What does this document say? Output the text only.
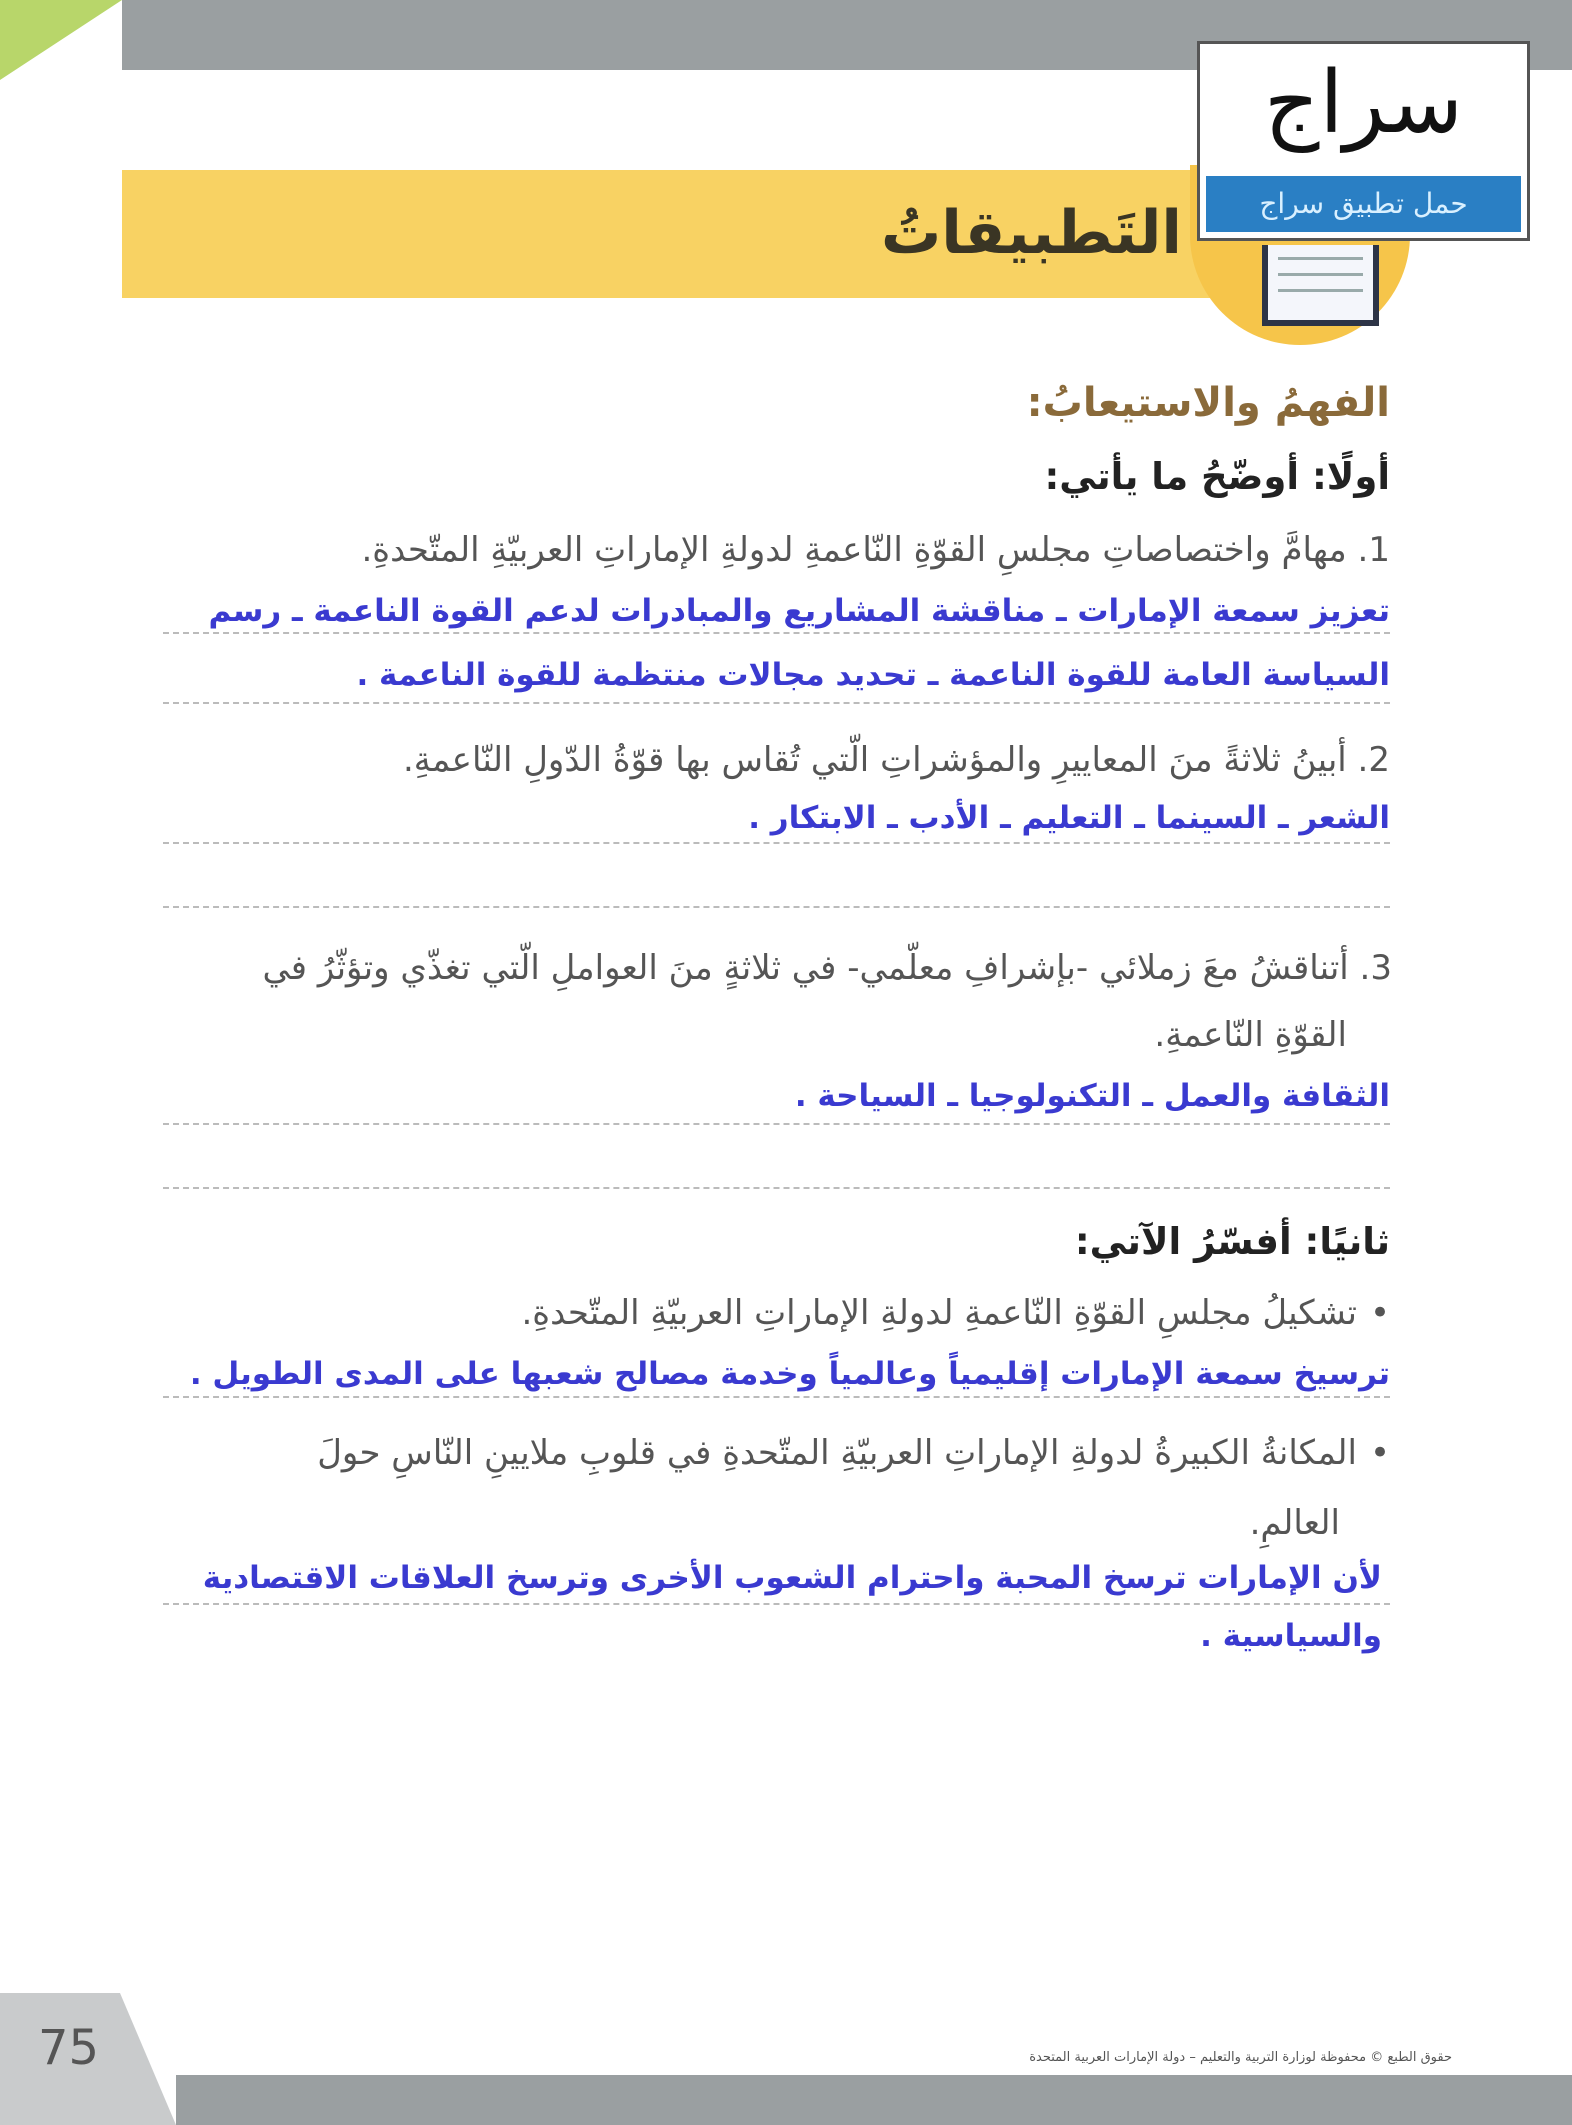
التَطبيقاتُ
سراج
حمل تطبيق سراج
الفهمُ والاستيعابُ:
أولًا: أوضّحُ ما يأتي:
1. مهامَّ واختصاصاتِ مجلسِ القوّةِ النّاعمةِ لدولةِ الإماراتِ العربيّةِ المتّحدةِ.
تعزيز سمعة الإمارات ـ مناقشة المشاريع والمبادرات لدعم القوة الناعمة ـ رسم
السياسة العامة للقوة الناعمة ـ تحديد مجالات منتظمة للقوة الناعمة .
2. أبينُ ثلاثةً منَ المعاييرِ والمؤشراتِ الّتي تُقاس بها قوّةُ الدّولِ النّاعمةِ.
الشعر ـ السينما ـ التعليم ـ الأدب ـ الابتكار .
3. أتناقشُ معَ زملائي -بإشرافِ معلّمي- في ثلاثةٍ منَ العواملِ الّتي تغذّي وتؤثّرُ في
القوّةِ النّاعمةِ.
الثقافة والعمل ـ التكنولوجيا ـ السياحة .
ثانيًا: أفسّرُ الآتي:
تشكيلُ مجلسِ القوّةِ النّاعمةِ لدولةِ الإماراتِ العربيّةِ المتّحدةِ. •
ترسيخ سمعة الإمارات إقليمياً وعالمياً وخدمة مصالح شعبها على المدى الطويل .
المكانةُ الكبيرةُ لدولةِ الإماراتِ العربيّةِ المتّحدةِ في قلوبِ ملايينِ النّاسِ حولَ •
العالمِ.
لأن الإمارات ترسخ المحبة واحترام الشعوب الأخرى وترسخ العلاقات الاقتصادية
والسياسية .
حقوق الطبع © محفوظة لوزارة التربية والتعليم – دولة الإمارات العربية المتحدة
75
